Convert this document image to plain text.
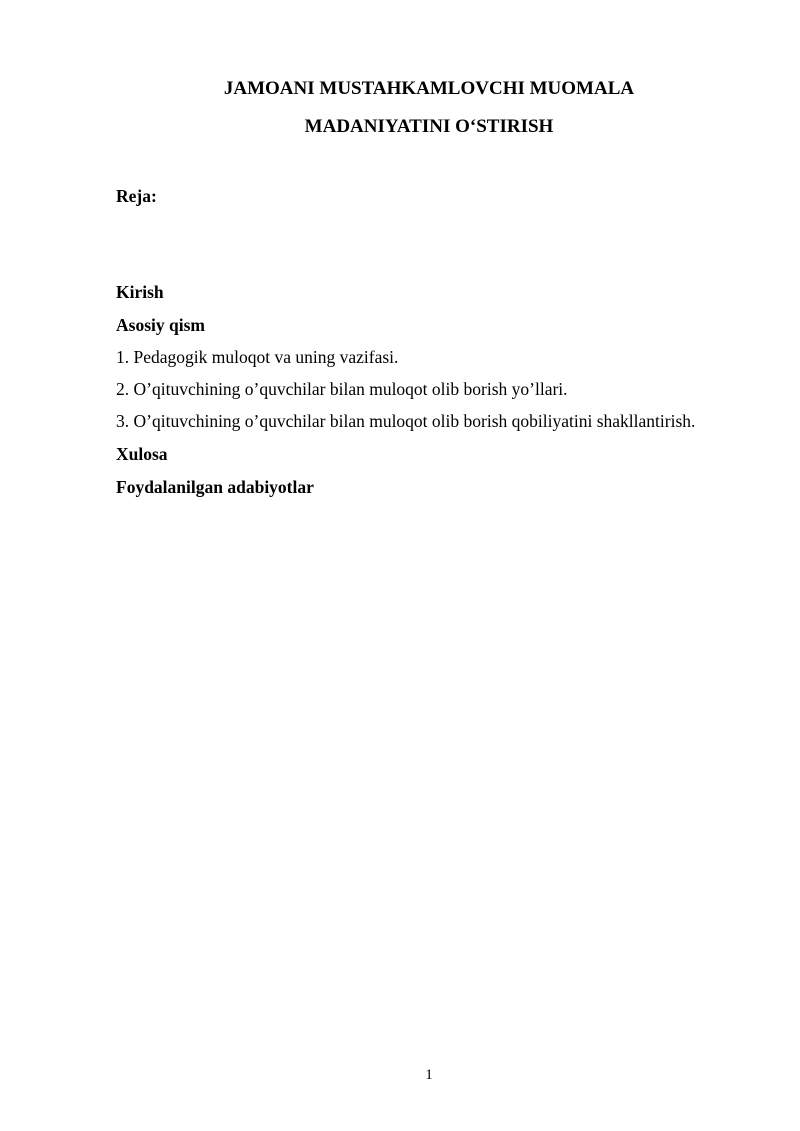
JAMOANI MUSTAHKAMLOVCHI MUOMALA
MADANIYATINI O‘STIRISH
Reja:
Kirish
Asosiy qism
1. Pedagogik muloqot va uning vazifasi.
2. O’qituvchining o’quvchilar bilan muloqot olib borish yo’llari.
3. O’qituvchining o’quvchilar bilan muloqot olib borish qobiliyatini shakllantirish.
Xulosa
Foydalanilgan adabiyotlar
1
